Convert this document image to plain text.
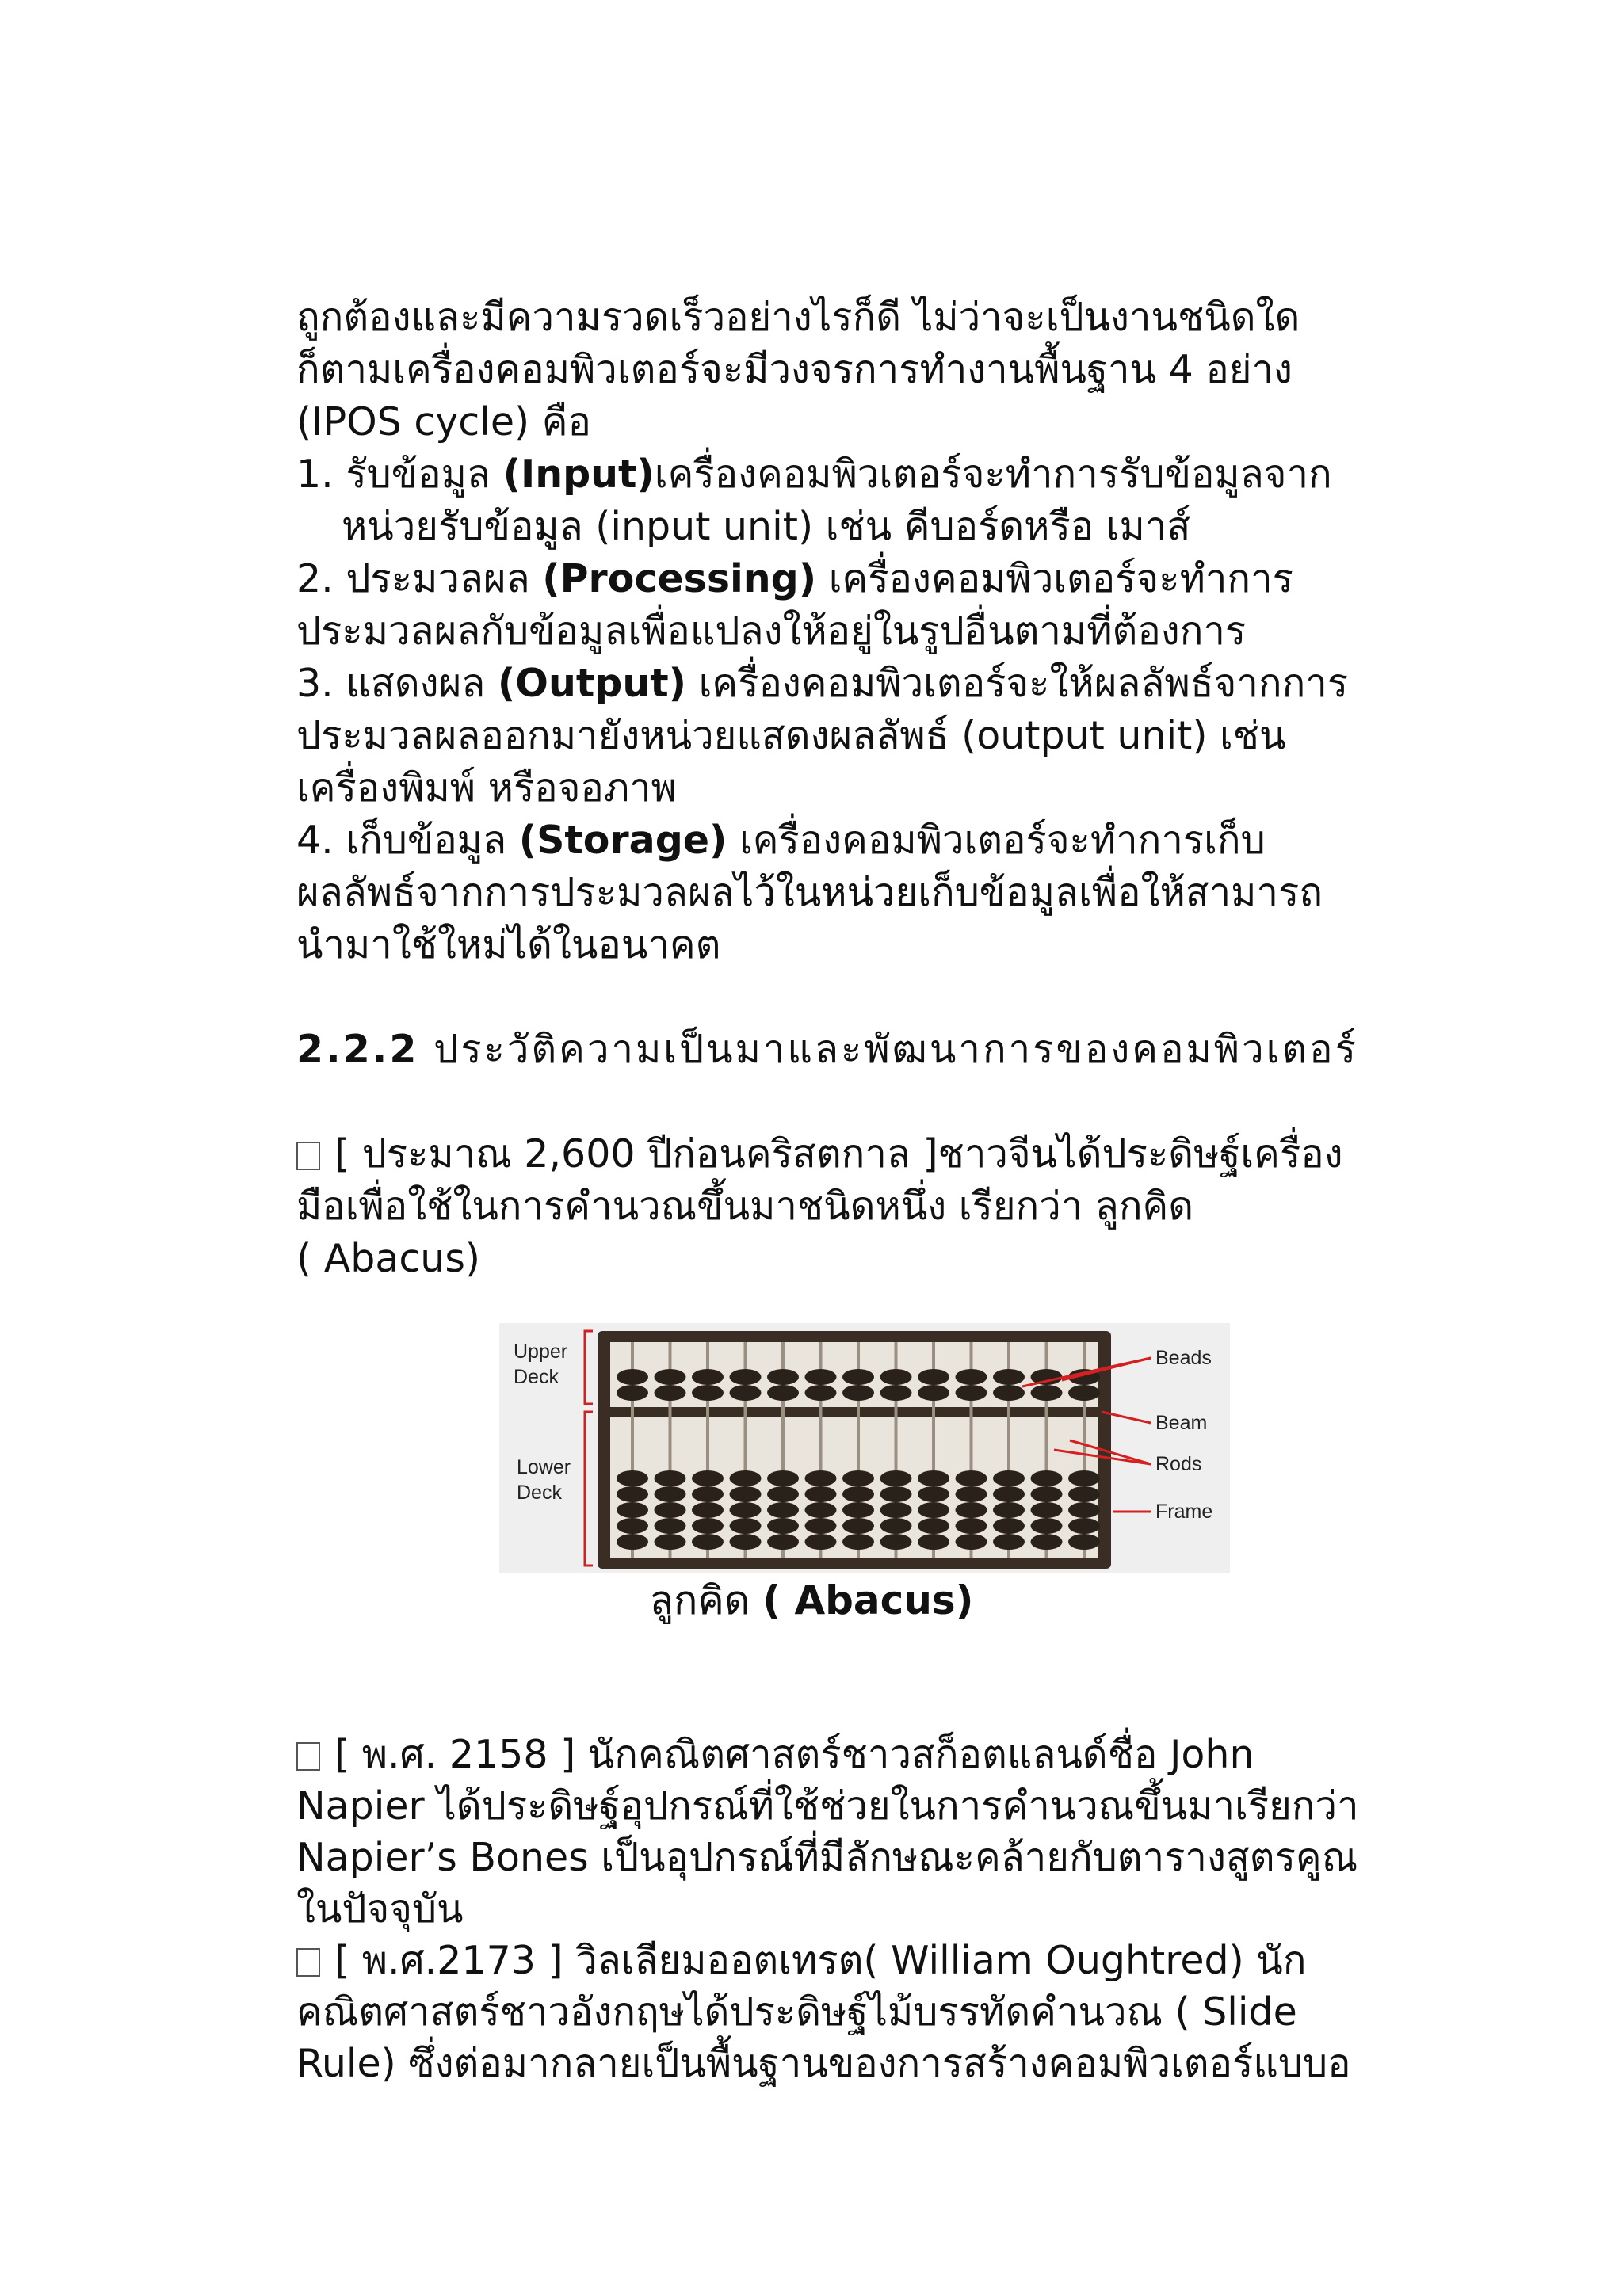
ถูกต้องและมีความรวดเร็วอย่างไรก็ดี ไม่ว่าจะเป็นงานชนิดใด
ก็ตามเครื่องคอมพิวเตอร์จะมีวงจรการทำงานพื้นฐาน 4 อย่าง
(IPOS cycle) คือ
1. รับข้อมูล (Input)เครื่องคอมพิวเตอร์จะทำการรับข้อมูลจาก
หน่วยรับข้อมูล (input unit) เช่น คีบอร์ดหรือ เมาส์
2. ประมวลผล (Processing) เครื่องคอมพิวเตอร์จะทำการ
ประมวลผลกับข้อมูลเพื่อแปลงให้อยู่ในรูปอื่นตามที่ต้องการ
3. แสดงผล (Output) เครื่องคอมพิวเตอร์จะให้ผลลัพธ์จากการ
ประมวลผลออกมายังหน่วยแสดงผลลัพธ์ (output unit) เช่น
เครื่องพิมพ์ หรือจอภาพ
4. เก็บข้อมูล (Storage) เครื่องคอมพิวเตอร์จะทำการเก็บ
ผลลัพธ์จากการประมวลผลไว้ในหน่วยเก็บข้อมูลเพื่อให้สามารถ
นำมาใช้ใหม่ได้ในอนาคต
2.2.2 ประวัติความเป็นมาและพัฒนาการของคอมพิวเตอร์
[ ประมาณ 2,600 ปีก่อนคริสตกาล ]ชาวจีนได้ประดิษฐ์เครื่อง
มือเพื่อใช้ในการคำนวณขึ้นมาชนิดหนึ่ง เรียกว่า ลูกคิด
( Abacus)
Upper
Deck
Lower
Deck
Beads
Beam
Rods
Frame
ลูกคิด ( Abacus)
[ พ.ศ. 2158 ] นักคณิตศาสตร์ชาวสก็อตแลนด์ชื่อ John
Napier ได้ประดิษฐ์อุปกรณ์ที่ใช้ช่วยในการคำนวณขึ้นมาเรียกว่า
Napier’s Bones เป็นอุปกรณ์ที่มีลักษณะคล้ายกับตารางสูตรคูณ
ในปัจจุบัน
[ พ.ศ.2173 ] วิลเลียมออตเทรต( William Oughtred) นัก
คณิตศาสตร์ชาวอังกฤษได้ประดิษฐ์ไม้บรรทัดคำนวณ ( Slide
Rule) ซึ่งต่อมากลายเป็นพื้นฐานของการสร้างคอมพิวเตอร์แบบอ
